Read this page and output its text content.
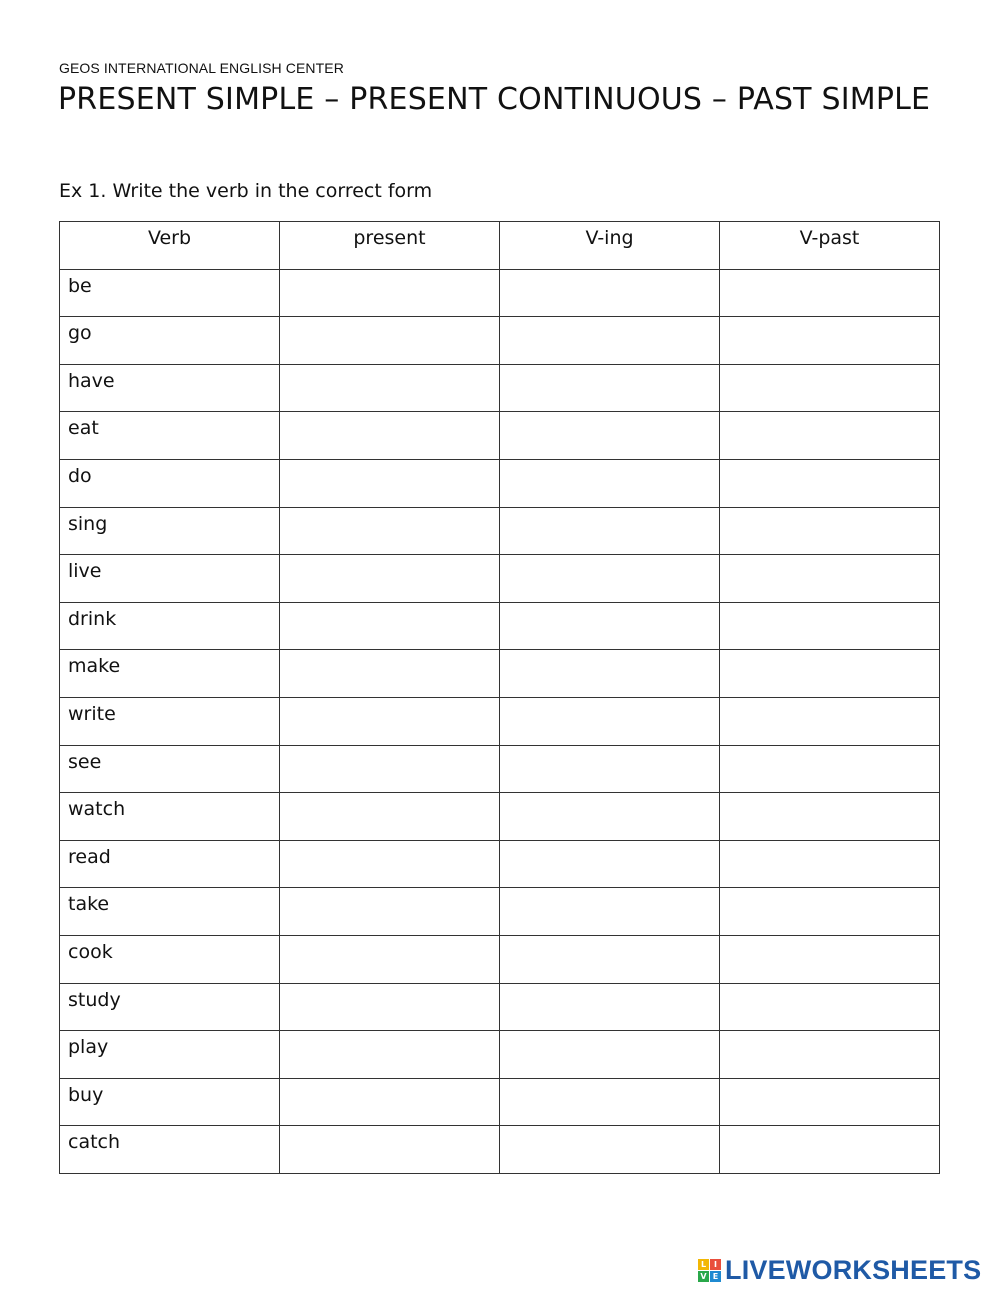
GEOS INTERNATIONAL ENGLISH CENTER
PRESENT SIMPLE – PRESENT CONTINUOUS – PAST SIMPLE
Ex 1. Write the verb in the correct form
Verb	present	V-ing	V-past
be			
go			
have			
eat			
do			
sing			
live			
drink			
make			
write			
see			
watch			
read			
take			
cook			
study			
play			
buy			
catch			
L I
V E LIVEWORKSHEETS
